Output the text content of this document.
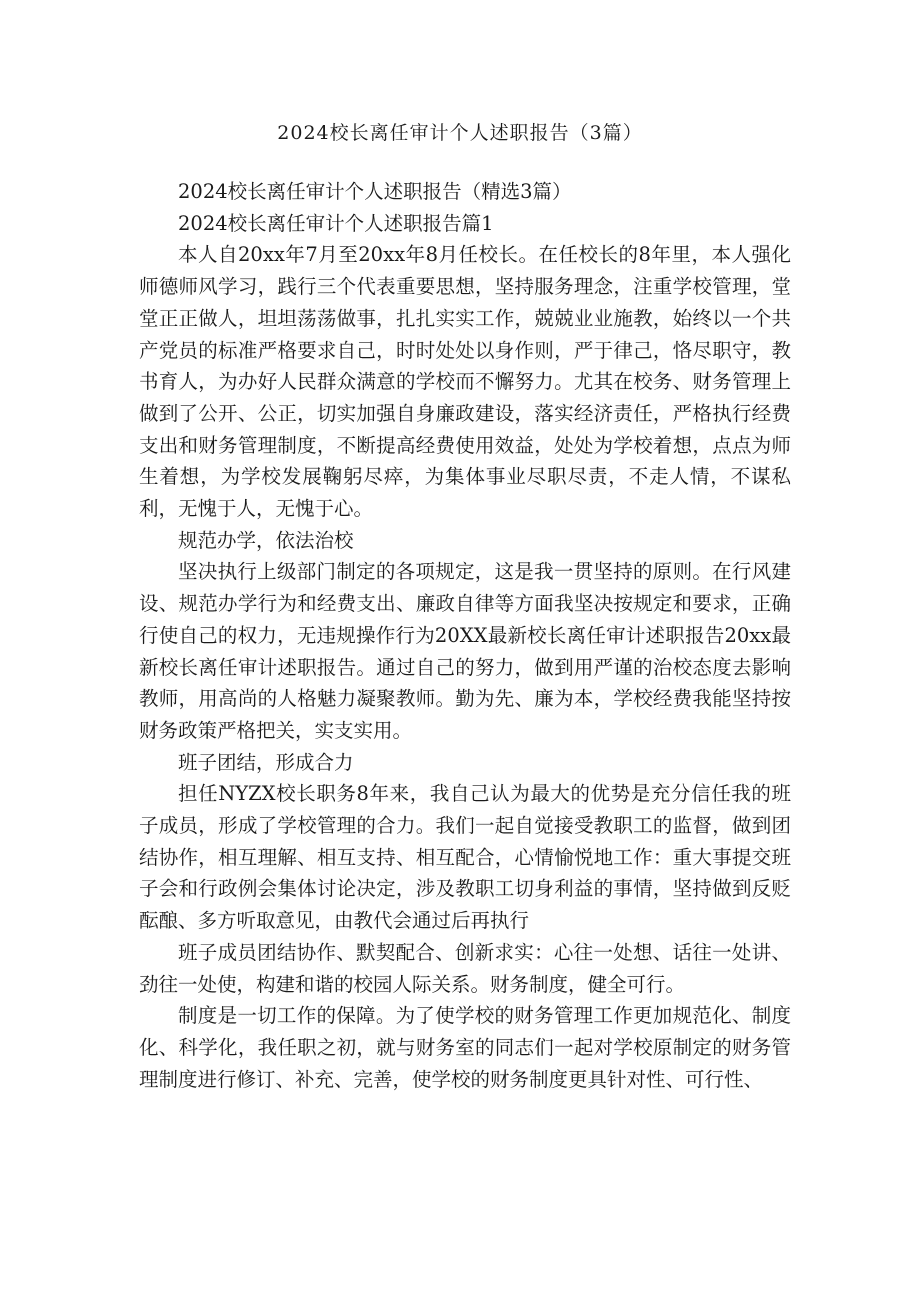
2024校长离任审计个人述职报告（3篇）

2024校长离任审计个人述职报告（精选3篇）

2024校长离任审计个人述职报告篇1

本人自20xx年7月至20xx年8月任校长。在任校长的8年里，本人强化师德师风学习，践行三个代表重要思想，坚持服务理念，注重学校管理，堂堂正正做人，坦坦荡荡做事，扎扎实实工作，兢兢业业施教，始终以一个共产党员的标准严格要求自己，时时处处以身作则，严于律己，恪尽职守，教书育人，为办好人民群众满意的学校而不懈努力。尤其在校务、财务管理上做到了公开、公正，切实加强自身廉政建设，落实经济责任，严格执行经费支出和财务管理制度，不断提高经费使用效益，处处为学校着想，点点为师生着想，为学校发展鞠躬尽瘁，为集体事业尽职尽责，不走人情，不谋私利，无愧于人，无愧于心。

规范办学，依法治校

坚决执行上级部门制定的各项规定，这是我一贯坚持的原则。在行风建设、规范办学行为和经费支出、廉政自律等方面我坚决按规定和要求，正确行使自己的权力，无违规操作行为20XX最新校长离任审计述职报告20xx最新校长离任审计述职报告。通过自己的努力，做到用严谨的治校态度去影响教师，用高尚的人格魅力凝聚教师。勤为先、廉为本，学校经费我能坚持按财务政策严格把关，实支实用。

班子团结，形成合力

担任NYZX校长职务8年来，我自己认为最大的优势是充分信任我的班子成员，形成了学校管理的合力。我们一起自觉接受教职工的监督，做到团结协作，相互理解、相互支持、相互配合，心情愉悦地工作：重大事提交班子会和行政例会集体讨论决定，涉及教职工切身利益的事情，坚持做到反贬酝酿、多方听取意见，由教代会通过后再执行

班子成员团结协作、默契配合、创新求实：心往一处想、话往一处讲、劲往一处使，构建和谐的校园人际关系。财务制度，健全可行。

制度是一切工作的保障。为了使学校的财务管理工作更加规范化、制度化、科学化，我任职之初，就与财务室的同志们一起对学校原制定的财务管理制度进行修订、补充、完善，使学校的财务制度更具针对性、可行性、
